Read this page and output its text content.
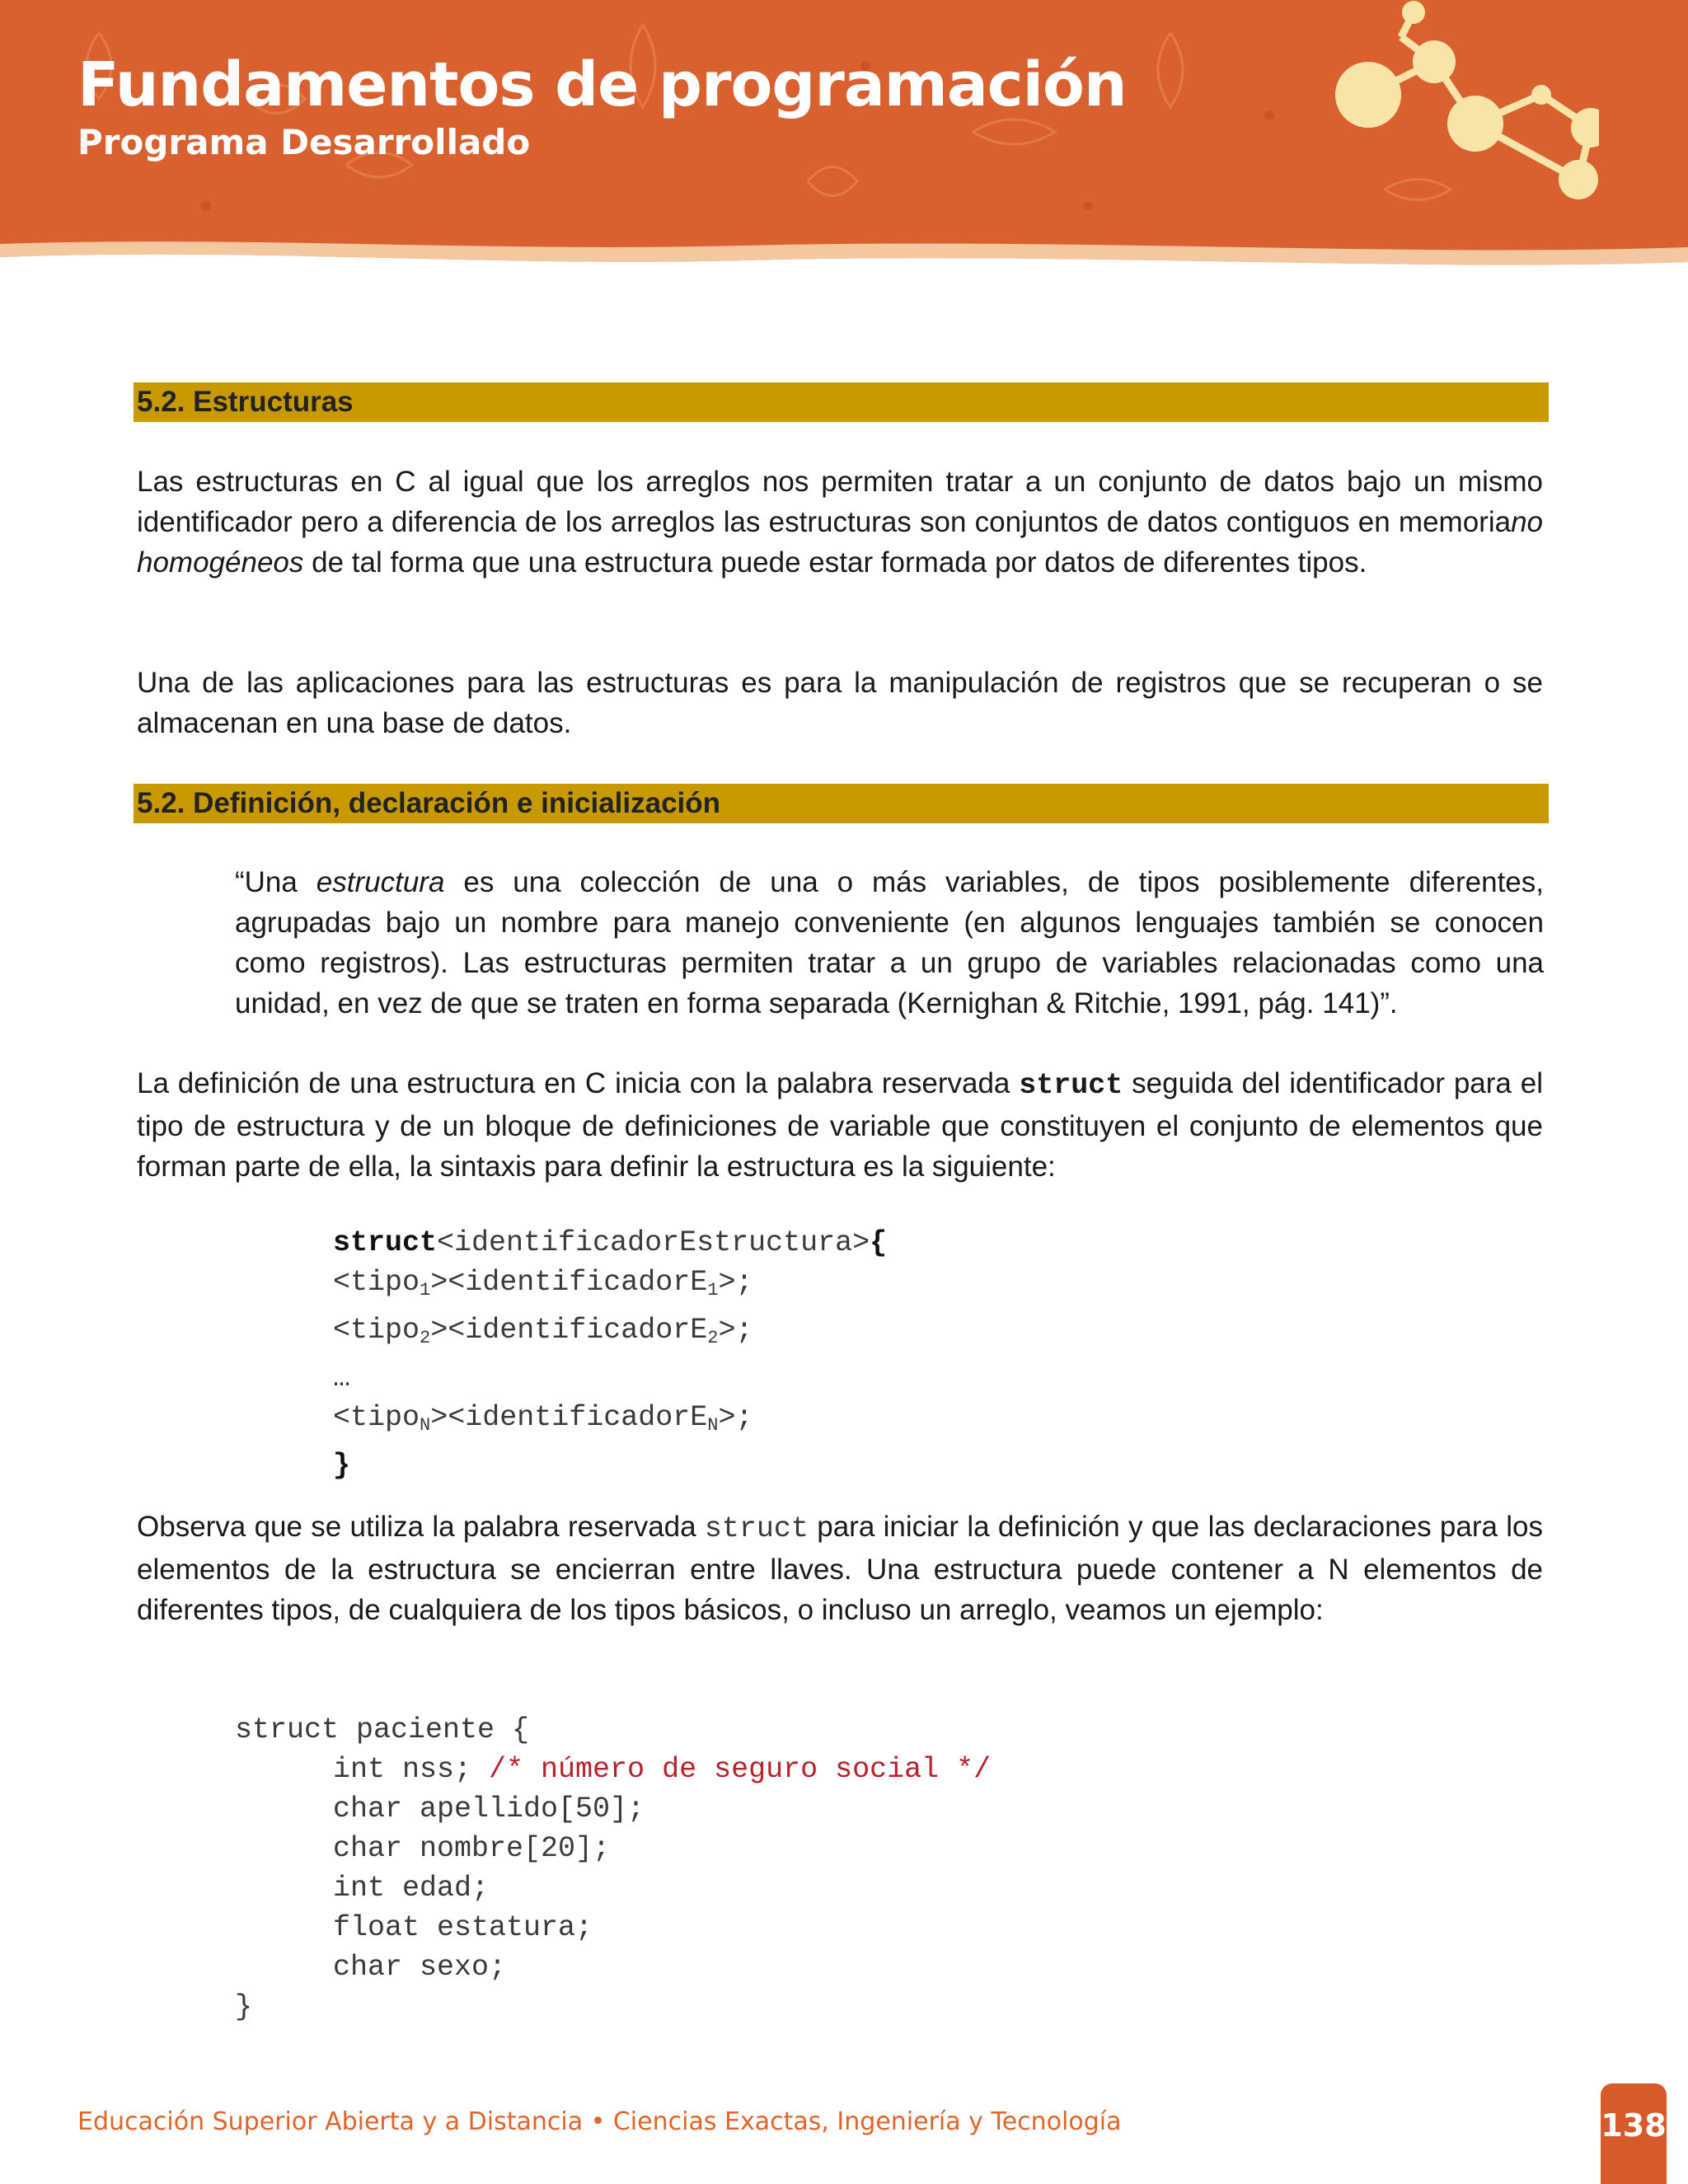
Fundamentos de programación
Programa Desarrollado
5.2. Estructuras

Las estructuras en C al igual que los arreglos nos permiten tratar a un conjunto de datos bajo un mismo identificador pero a diferencia de los arreglos las estructuras son conjuntos de datos contiguos en memoriano homogéneos de tal forma que una estructura puede estar formada por datos de diferentes tipos.

Una de las aplicaciones para las estructuras es para la manipulación de registros que se recuperan o se almacenan en una base de datos.

5.2. Definición, declaración e inicialización

“Una estructura es una colección de una o más variables, de tipos posiblemente diferentes, agrupadas bajo un nombre para manejo conveniente (en algunos lenguajes también se conocen como registros). Las estructuras permiten tratar a un grupo de variables relacionadas como una unidad, en vez de que se traten en forma separada (Kernighan & Ritchie, 1991, pág. 141)”.

La definición de una estructura en C inicia con la palabra reservada struct seguida del identificador para el tipo de estructura y de un bloque de definiciones de variable que constituyen el conjunto de elementos que forman parte de ella, la sintaxis para definir la estructura es la siguiente:

struct<identificadorEstructura>{
<tipo$_1$><identificadorE$_1$>;
<tipo$_2$><identificadorE$_2$>;
…
<tipo$_N$><identificadorE$_N$>;
}

Observa que se utiliza la palabra reservada struct para iniciar la definición y que las declaraciones para los elementos de la estructura se encierran entre llaves. Una estructura puede contener a N elementos de diferentes tipos, de cualquiera de los tipos básicos, o incluso un arreglo, veamos un ejemplo:

struct paciente {
int nss; /* número de seguro social */
char apellido[50];
char nombre[20];
int edad;
float estatura;
char sexo;
}

Educación Superior Abierta y a Distancia • Ciencias Exactas, Ingeniería y Tecnología	138
